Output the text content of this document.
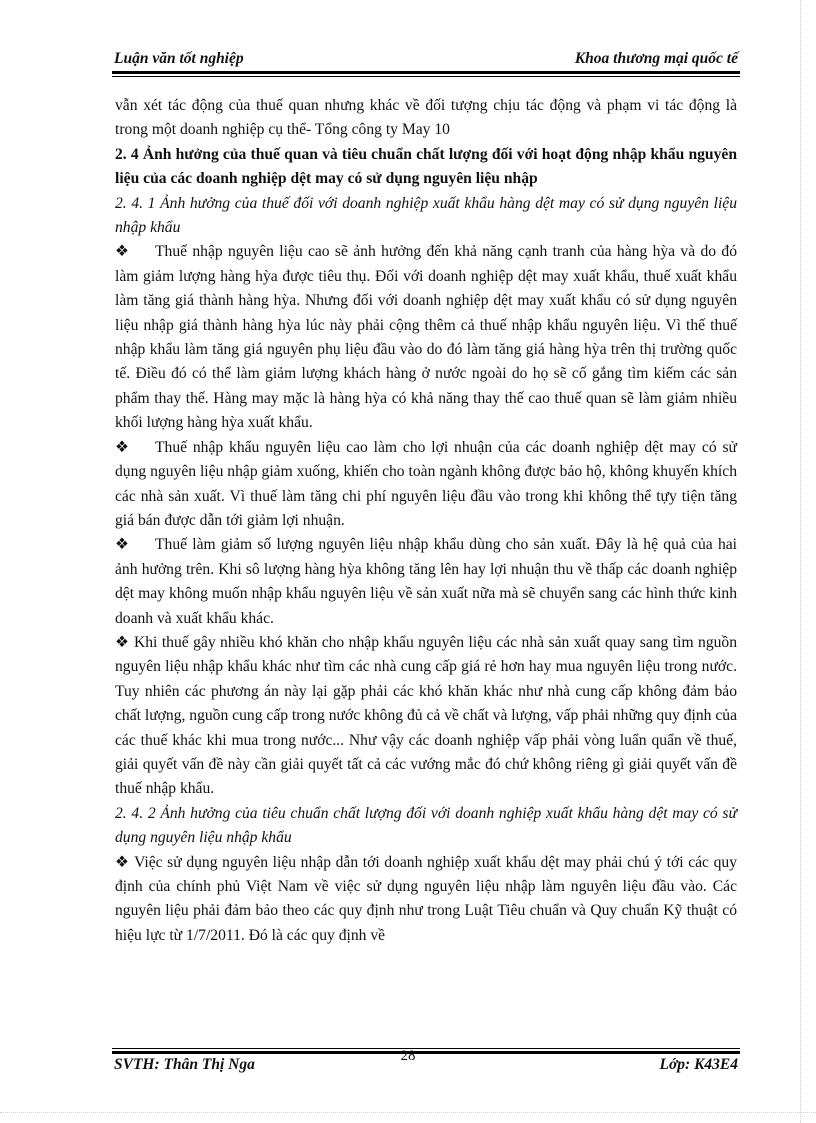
Luận văn tốt nghiệp	Khoa thương mại quốc tế

vẫn xét tác động của thuế quan nhưng khác về đối tượng chịu tác động và phạm vi tác động là trong một doanh nghiệp cụ thể- Tổng công ty May 10

2. 4 Ảnh hưởng của thuế quan và tiêu chuẩn chất lượng đối với hoạt động nhập khẩu nguyên liệu của các doanh nghiệp dệt may có sử dụng nguyên liệu nhập

2. 4. 1 Ảnh hưởng của thuế đối với doanh nghiệp xuất khẩu hàng dệt may có sử dụng nguyên liệu nhập khẩu

❖ Thuế nhập nguyên liệu cao sẽ ảnh hưởng đến khả năng cạnh tranh của hàng hỳa và do đó làm giảm lượng hàng hỳa được tiêu thụ. Đối với doanh nghiệp dệt may xuất khẩu, thuế xuất khẩu làm tăng giá thành hàng hỳa. Nhưng đối với doanh nghiệp dệt may xuất khẩu có sử dụng nguyên liệu nhập giá thành hàng hỳa lúc này phải cộng thêm cả thuế nhập khẩu nguyên liệu. Vì thế thuế nhập khẩu làm tăng giá nguyên phụ liệu đầu vào do đó làm tăng giá hàng hỳa trên thị trường quốc tế. Điều đó có thể làm giảm lượng khách hàng ở nước ngoài do họ sẽ cố gắng tìm kiếm các sản phẩm thay thế. Hàng may mặc là hàng hỳa có khả năng thay thế cao thuế quan sẽ làm giảm nhiều khối lượng hàng hỳa xuất khẩu.

❖ Thuế nhập khẩu nguyên liệu cao làm cho lợi nhuận của các doanh nghiệp dệt may có sử dụng nguyên liệu nhập giảm xuống, khiến cho toàn ngành không được bảo hộ, không khuyến khích các nhà sản xuất. Vì thuế làm tăng chi phí nguyên liệu đầu vào trong khi không thể tựy tiện tăng giá bán được dẫn tới giảm lợi nhuận.

❖ Thuế làm giảm số lượng nguyên liệu nhập khẩu dùng cho sản xuất. Đây là hệ quả của hai ảnh hưởng trên. Khi sô lượng hàng hỳa không tăng lên hay lợi nhuận thu về thấp các doanh nghiệp dệt may không muốn nhập khẩu nguyên liệu về sản xuất nữa mà sẽ chuyển sang các hình thức kinh doanh và xuất khẩu khác.

❖ Khi thuế gây nhiều khó khăn cho nhập khẩu nguyên liệu các nhà sản xuất quay sang tìm nguồn nguyên liệu nhập khẩu khác như tìm các nhà cung cấp giá rẻ hơn hay mua nguyên liệu trong nước. Tuy nhiên các phương án này lại gặp phải các khó khăn khác như nhà cung cấp không đảm bảo chất lượng, nguồn cung cấp trong nước không đủ cả về chất và lượng, vấp phải những quy định của các thuế khác khi mua trong nước... Như vậy các doanh nghiệp vấp phải vòng luẩn quẩn về thuế, giải quyết vấn đề này cần giải quyết tất cả các vướng mắc đó chứ không riêng gì giải quyết vấn đề thuế nhập khẩu.

2. 4. 2 Ảnh hưởng của tiêu chuẩn chất lượng đối với doanh nghiệp xuất khẩu hàng dệt may có sử dụng nguyên liệu nhập khẩu

❖ Việc sử dụng nguyên liệu nhập dẫn tới doanh nghiệp xuất khẩu dệt may phải chú ý tới các quy định của chính phủ Việt Nam về việc sử dụng nguyên liệu nhập làm nguyên liệu đầu vào. Các nguyên liệu phải đảm bảo theo các quy định như trong Luật Tiêu chuẩn và Quy chuẩn Kỹ thuật có hiệu lực từ 1/7/2011. Đó là các quy định về

28
SVTH: Thân Thị Nga	Lớp: K43E4
